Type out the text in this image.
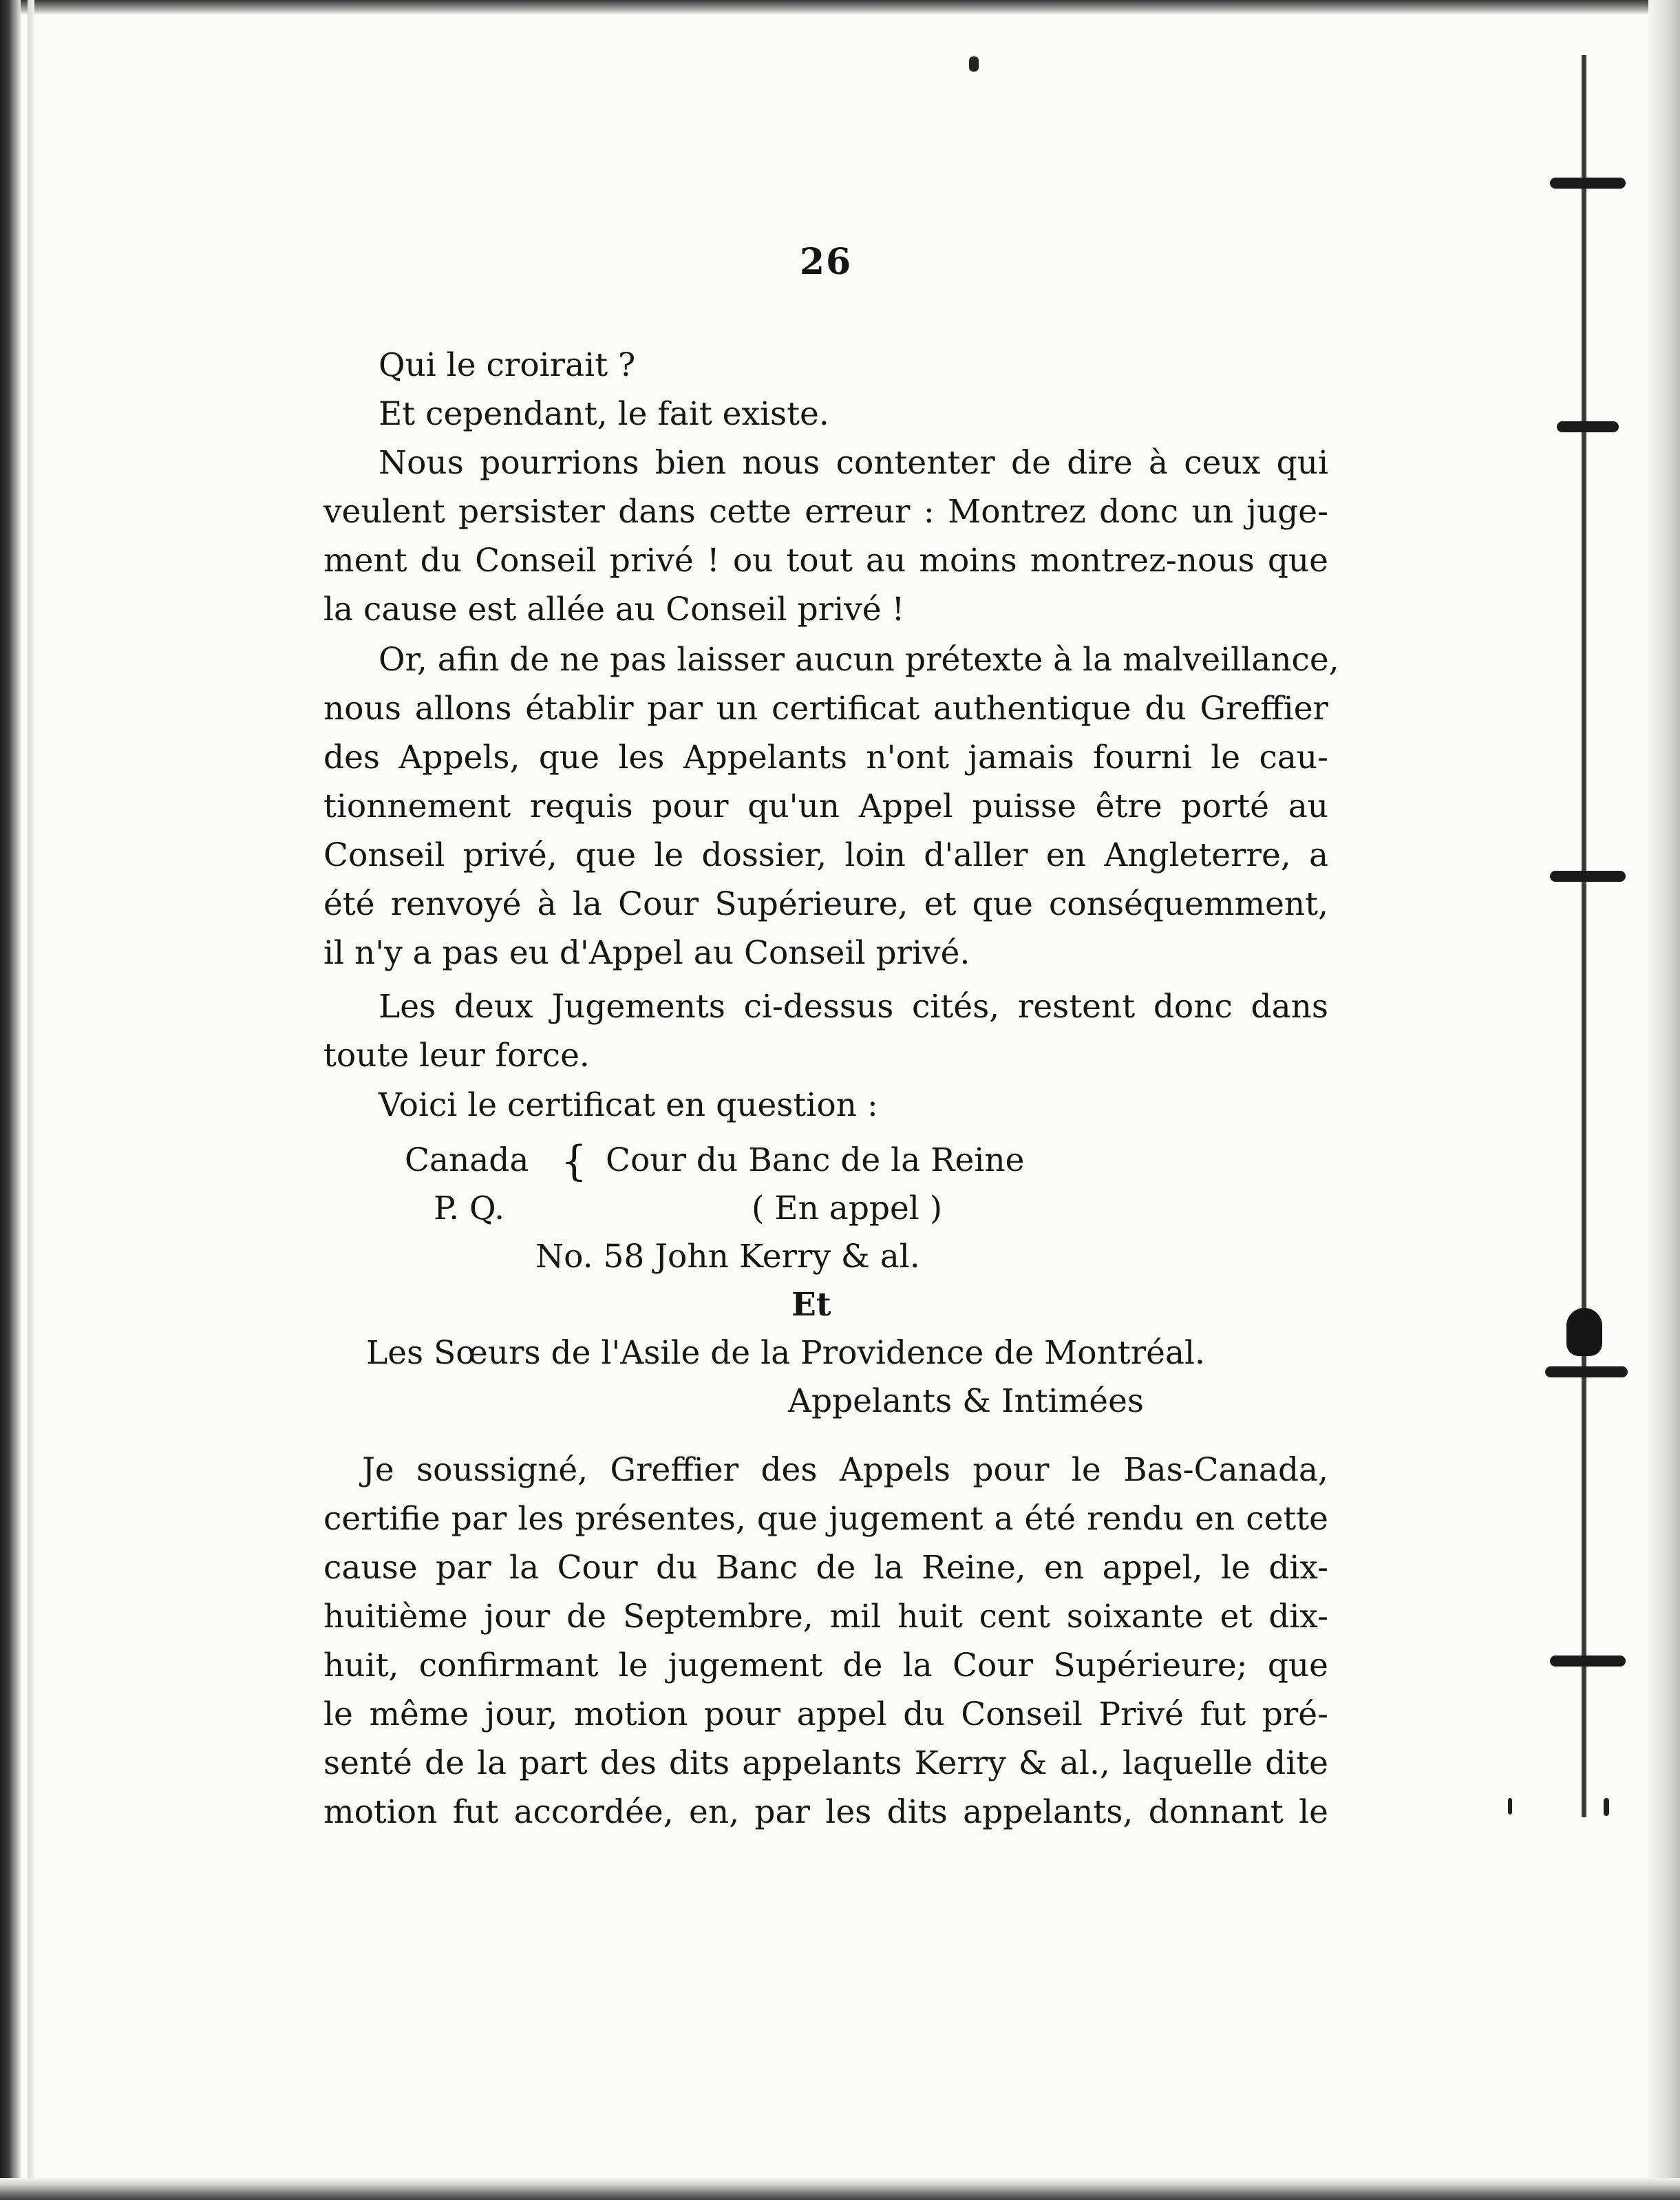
26
Qui le croirait ?
Et cependant, le fait existe.
Nous pourrions bien nous contenter de dire à ceux qui
veulent persister dans cette erreur : Montrez donc un juge-
ment du Conseil privé ! ou tout au moins montrez-nous que
la cause est allée au Conseil privé !
Or, afin de ne pas laisser aucun prétexte à la malveillance,
nous allons établir par un certificat authentique du Greffier
des Appels, que les Appelants n'ont jamais fourni le cau-
tionnement requis pour qu'un Appel puisse être porté au
Conseil privé, que le dossier, loin d'aller en Angleterre, a
été renvoyé à la Cour Supérieure, et que conséquemment,
il n'y a pas eu d'Appel au Conseil privé.
Les deux Jugements ci-dessus cités, restent donc dans
toute leur force.
Voici le certificat en question :
Canada
P. Q.
{ Cour du Banc de la Reine
( En appel )
No. 58 John Kerry & al.
Et
Les Sœurs de l'Asile de la Providence de Montréal.
Appelants & Intimées
Je soussigné, Greffier des Appels pour le Bas-Canada,
certifie par les présentes, que jugement a été rendu en cette
cause par la Cour du Banc de la Reine, en appel, le dix-
huitième jour de Septembre, mil huit cent soixante et dix-
huit, confirmant le jugement de la Cour Supérieure; que
le même jour, motion pour appel du Conseil Privé fut pré-
senté de la part des dits appelants Kerry & al., laquelle dite
motion fut accordée, en, par les dits appelants, donnant le
